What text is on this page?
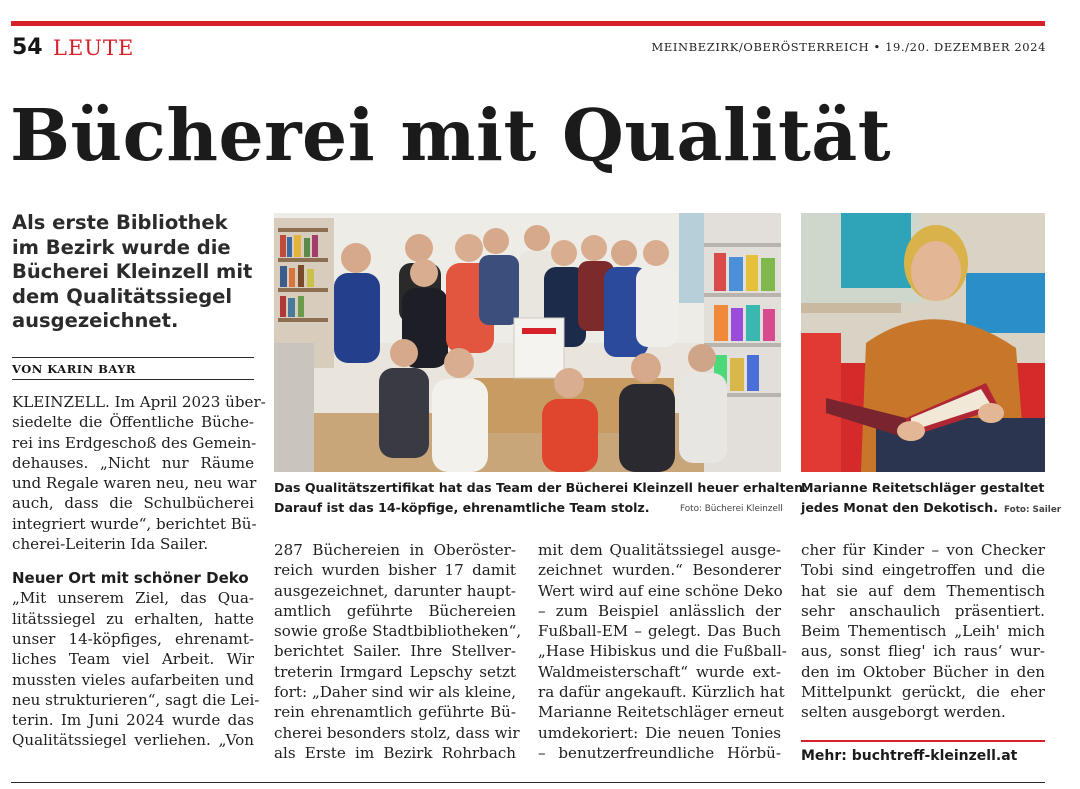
54 LEUTE	MEINBEZIRK/OBERÖSTERREICH • 19./20. DEZEMBER 2024
Bücherei mit Qualität
Als erste Bibliothek
im Bezirk wurde die
Bücherei Kleinzell mit
dem Qualitätssiegel
ausgezeichnet.
VON KARIN BAYR

KLEINZELL. Im April 2023 über-

siedelte die Öffentliche Büche-

rei ins Erdgeschoß des Gemein-

dehauses. „Nicht nur Räume

und Regale waren neu, neu war

auch, dass die Schulbücherei

integriert wurde“, berichtet Bü-

cherei-Leiterin Ida Sailer.

Neuer Ort mit schöner Deko

„Mit unserem Ziel, das Qua-

litätssiegel zu erhalten, hatte

unser 14-köpfiges, ehrenamt-

liches Team viel Arbeit. Wir

mussten vieles aufarbeiten und

neu strukturieren“, sagt die Lei-

terin. Im Juni 2024 wurde das

Qualitätssiegel verliehen. „Von

Das Qualitätszertifikat hat das Team der Bücherei Kleinzell heuer erhalten.
Darauf ist das 14-köpfige, ehrenamtliche Team stolz.	Foto: Bücherei Kleinzell
Marianne Reitetschläger gestaltet
jedes Monat den Dekotisch. Foto: Sailer

287 Büchereien in Oberöster-

reich wurden bisher 17 damit

ausgezeichnet, darunter haupt-

amtlich geführte Büchereien

sowie große Stadtbibliotheken“,

berichtet Sailer. Ihre Stellver-

treterin Irmgard Lepschy setzt

fort: „Daher sind wir als kleine,

rein ehrenamtlich geführte Bü-

cherei besonders stolz, dass wir

als Erste im Bezirk Rohrbach

mit dem Qualitätssiegel ausge-

zeichnet wurden.“ Besonderer

Wert wird auf eine schöne Deko

– zum Beispiel anlässlich der

Fußball-EM – gelegt. Das Buch

„Hase Hibiskus und die Fußball-

Waldmeisterschaft“ wurde ext-

ra dafür angekauft. Kürzlich hat

Marianne Reitetschläger erneut

umdekoriert: Die neuen Tonies

– benutzerfreundliche Hörbü-

cher für Kinder – von Checker

Tobi sind eingetroffen und die

hat sie auf dem Thementisch

sehr anschaulich präsentiert.

Beim Thementisch „Leih' mich

aus, sonst flieg' ich raus‘ wur-

den im Oktober Bücher in den

Mittelpunkt gerückt, die eher

selten ausgeborgt werden.

Mehr: buchtreff-kleinzell.at
